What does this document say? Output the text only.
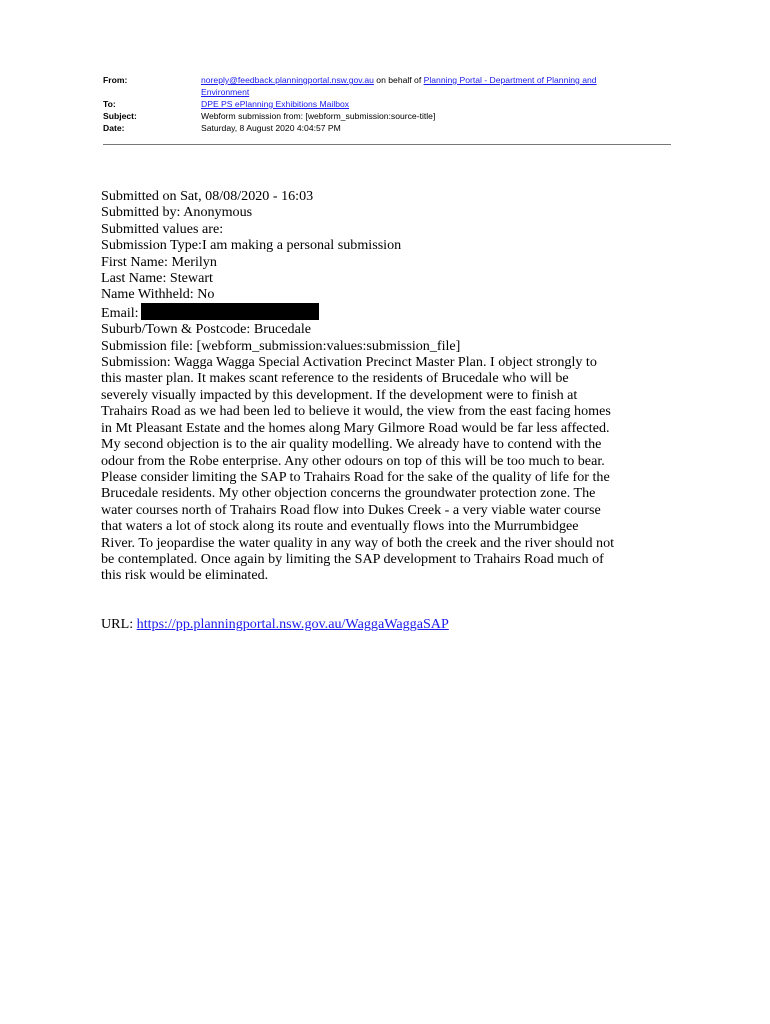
From:	noreply@feedback.planningportal.nsw.gov.au on behalf of Planning Portal - Department of Planning and
Environment
To:	DPE PS ePlanning Exhibitions Mailbox
Subject:	Webform submission from: [webform_submission:source-title]
Date:	Saturday, 8 August 2020 4:04:57 PM
Submitted on Sat, 08/08/2020 - 16:03
Submitted by: Anonymous
Submitted values are:
Submission Type:I am making a personal submission
First Name: Merilyn
Last Name: Stewart
Name Withheld: No
Email:
Suburb/Town & Postcode: Brucedale
Submission file: [webform_submission:values:submission_file]
Submission: Wagga Wagga Special Activation Precinct Master Plan. I object strongly to
this master plan. It makes scant reference to the residents of Brucedale who will be
severely visually impacted by this development. If the development were to finish at
Trahairs Road as we had been led to believe it would, the view from the east facing homes
in Mt Pleasant Estate and the homes along Mary Gilmore Road would be far less affected.
My second objection is to the air quality modelling. We already have to contend with the
odour from the Robe enterprise. Any other odours on top of this will be too much to bear.
Please consider limiting the SAP to Trahairs Road for the sake of the quality of life for the
Brucedale residents. My other objection concerns the groundwater protection zone. The
water courses north of Trahairs Road flow into Dukes Creek - a very viable water course
that waters a lot of stock along its route and eventually flows into the Murrumbidgee
River. To jeopardise the water quality in any way of both the creek and the river should not
be contemplated. Once again by limiting the SAP development to Trahairs Road much of
this risk would be eliminated.
URL: https://pp.planningportal.nsw.gov.au/WaggaWaggaSAP
